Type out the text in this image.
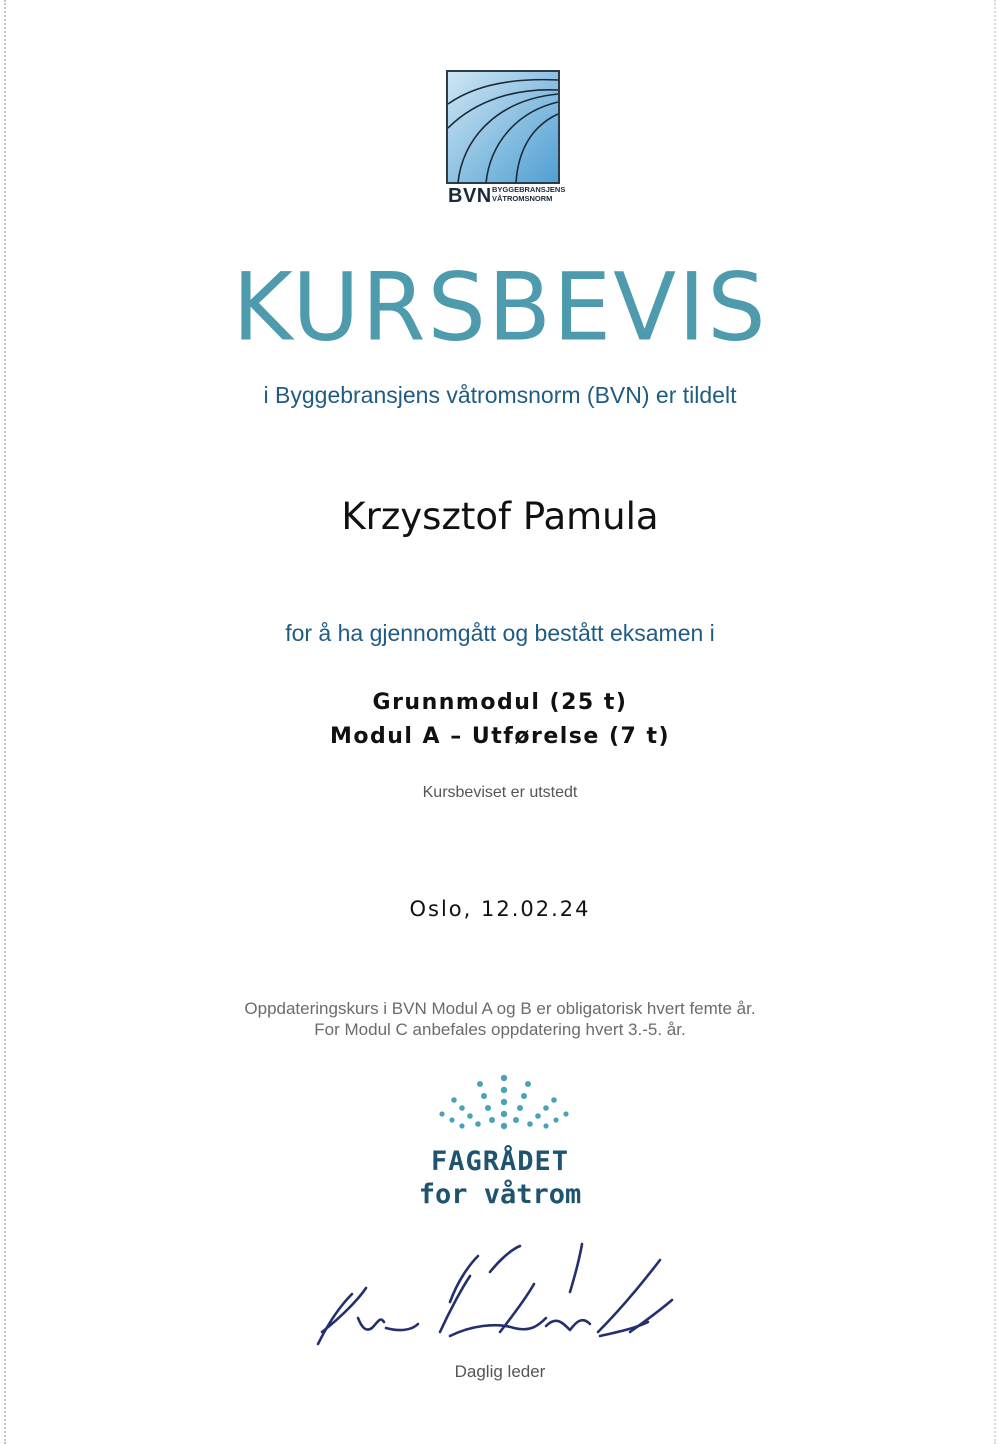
BVN BYGGEBRANSJENS
VÅTROMSNORM
KURSBEVIS
i Byggebransjens våtromsnorm (BVN) er tildelt
Krzysztof Pamula
for å ha gjennomgått og bestått eksamen i
Grunnmodul (25 t)
Modul A – Utførelse (7 t)
Kursbeviset er utstedt
Oslo, 12.02.24
Oppdateringskurs i BVN Modul A og B er obligatorisk hvert femte år.
For Modul C anbefales oppdatering hvert 3.-5. år.
FAGRÅDET
for våtrom
Daglig leder
